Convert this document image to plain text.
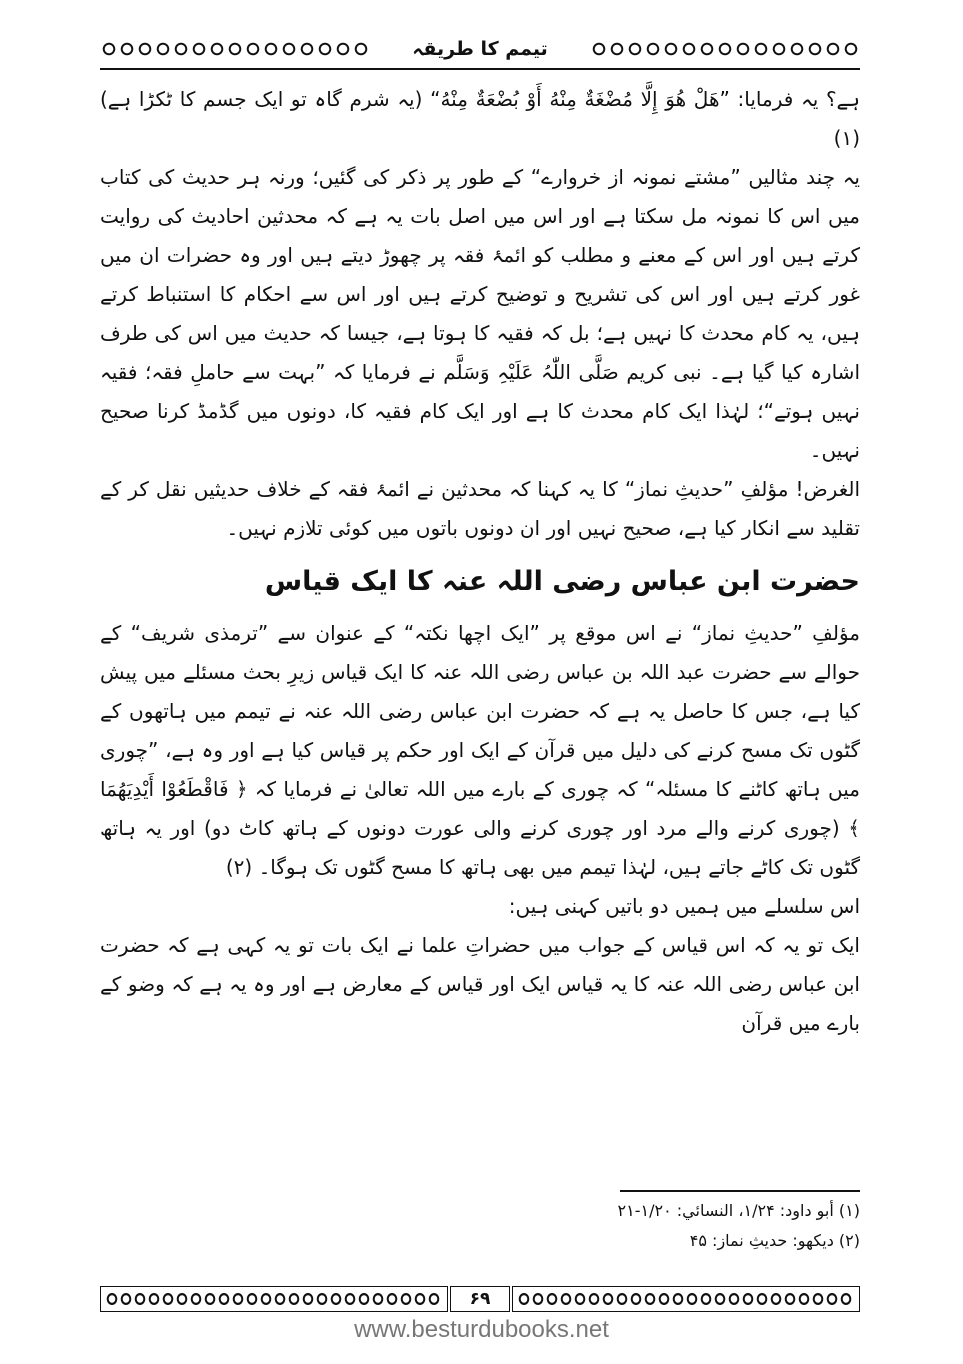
تیمم کا طریقہ

ہے؟ یہ فرمایا: ”هَلْ هُوَ إِلَّا مُضْغَةٌ مِنْهُ أَوْ بُضْعَةٌ مِنْهُ“ (یہ شرم گاہ تو ایک جسم کا ٹکڑا ہے) (۱)

یہ چند مثالیں ”مشتے نمونہ از خروارے“ کے طور پر ذکر کی گئیں؛ ورنہ ہر حدیث کی کتاب میں اس کا نمونہ مل سکتا ہے اور اس میں اصل بات یہ ہے کہ محدثین احادیث کی روایت کرتے ہیں اور اس کے معنے و مطلب کو ائمۂ فقہ پر چھوڑ دیتے ہیں اور وہ حضرات ان میں غور کرتے ہیں اور اس کی تشریح و توضیح کرتے ہیں اور اس سے احکام کا استنباط کرتے ہیں، یہ کام محدث کا نہیں ہے؛ بل کہ فقیہ کا ہوتا ہے، جیسا کہ حدیث میں اس کی طرف اشارہ کیا گیا ہے۔ نبی کریم صَلَّی اللّٰہُ عَلَیْہِ وَسَلَّم نے فرمایا کہ ”بہت سے حاملِ فقہ؛ فقیہ نہیں ہوتے“؛ لہٰذا ایک کام محدث کا ہے اور ایک کام فقیہ کا، دونوں میں گڈمڈ کرنا صحیح نہیں۔

الغرض! مؤلفِ ”حدیثِ نماز“ کا یہ کہنا کہ محدثین نے ائمۂ فقہ کے خلاف حدیثیں نقل کر کے تقلید سے انکار کیا ہے، صحیح نہیں اور ان دونوں باتوں میں کوئی تلازم نہیں۔

حضرت ابن عباس رضی اللہ عنہ کا ایک قیاس

مؤلفِ ”حدیثِ نماز“ نے اس موقع پر ”ایک اچھا نکتہ“ کے عنوان سے ”ترمذی شریف“ کے حوالے سے حضرت عبد اللہ بن عباس رضی اللہ عنہ کا ایک قیاس زیرِ بحث مسئلے میں پیش کیا ہے، جس کا حاصل یہ ہے کہ حضرت ابن عباس رضی اللہ عنہ نے تیمم میں ہاتھوں کے گٹوں تک مسح کرنے کی دلیل میں قرآن کے ایک اور حکم پر قیاس کیا ہے اور وہ ہے، ”چوری میں ہاتھ کاٹنے کا مسئلہ“ کہ چوری کے بارے میں اللہ تعالیٰ نے فرمایا کہ ﴿ فَاقْطَعُوْا أَيْدِيَهُمَا ﴾ (چوری کرنے والے مرد اور چوری کرنے والی عورت دونوں کے ہاتھ کاٹ دو) اور یہ ہاتھ گٹوں تک کاٹے جاتے ہیں، لہٰذا تیمم میں بھی ہاتھ کا مسح گٹوں تک ہوگا۔ (۲)

اس سلسلے میں ہمیں دو باتیں کہنی ہیں:

ایک تو یہ کہ اس قیاس کے جواب میں حضراتِ علما نے ایک بات تو یہ کہی ہے کہ حضرت ابن عباس رضی اللہ عنہ کا یہ قیاس ایک اور قیاس کے معارض ہے اور وہ یہ ہے کہ وضو کے بارے میں قرآن

(۱) أبو داود: ۱/۲۴، النسائي: ۱/۲۰-۲۱
(۲) دیکھو: حدیثِ نماز: ۴۵
۶۹
www.besturdubooks.net
